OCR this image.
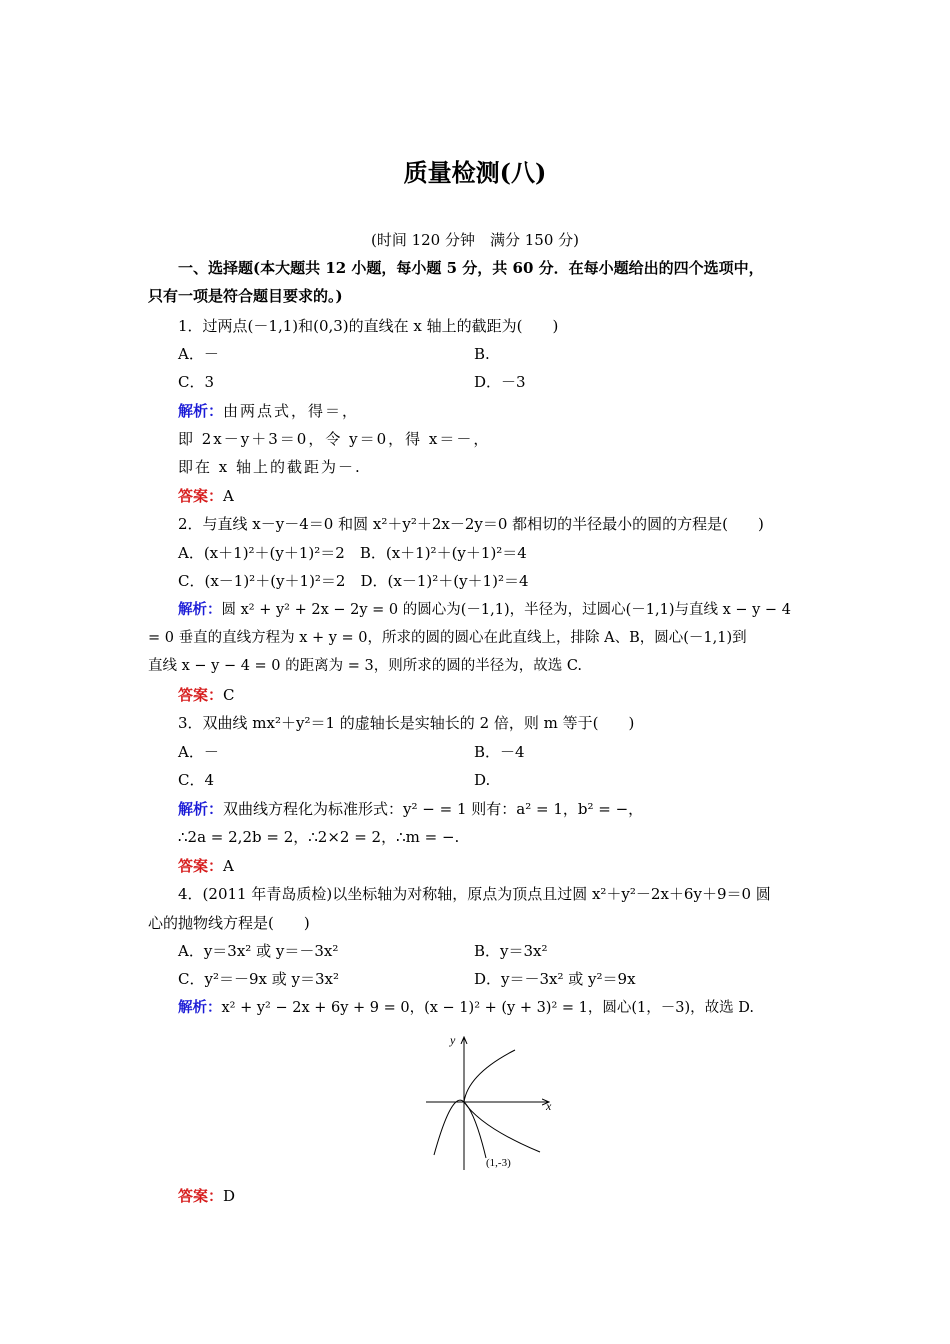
质量检测(八)
(时间 120 分钟　满分 150 分)
一、选择题(本大题共 12 小题，每小题 5 分，共 60 分．在每小题给出的四个选项中，
只有一项是符合题目要求的。)
1．过两点(－1,1)和(0,3)的直线在 x 轴上的截距为(　　)
A．－	B.
C．3	D．－3
解析：由两点式，得＝，
即 2x－y＋3＝0，令 y＝0，得 x＝－，
即在 x 轴上的截距为－.
答案：A
2．与直线 x－y－4＝0 和圆 x²＋y²＋2x－2y＝0 都相切的半径最小的圆的方程是(　　)
A．(x＋1)²＋(y＋1)²＝2　B．(x＋1)²＋(y＋1)²＝4
C．(x－1)²＋(y＋1)²＝2　D．(x－1)²＋(y＋1)²＝4
解析：圆 x² + y² + 2x − 2y = 0 的圆心为(－1,1)，半径为，过圆心(－1,1)与直线 x − y − 4
= 0 垂直的直线方程为 x + y = 0，所求的圆的圆心在此直线上，排除 A、B，圆心(－1,1)到
直线 x − y − 4 = 0 的距离为 = 3，则所求的圆的半径为，故选 C.
答案：C
3．双曲线 mx²＋y²＝1 的虚轴长是实轴长的 2 倍，则 m 等于(　　)
A．－	B．－4
C．4	D.
解析：双曲线方程化为标准形式：y² − = 1 则有：a² = 1，b² = −，
∴2a = 2,2b = 2，∴2×2 = 2，∴m = −.
答案：A
4．(2011 年青岛质检)以坐标轴为对称轴，原点为顶点且过圆 x²＋y²－2x＋6y＋9＝0 圆
心的抛物线方程是(　　)
A．y＝3x² 或 y＝－3x²	B．y＝3x²
C．y²＝－9x 或 y＝3x²	D．y＝－3x² 或 y²＝9x
解析：x² + y² − 2x + 6y + 9 = 0，(x − 1)² + (y + 3)² = 1，圆心(1，－3)，故选 D.
y
x
(1,-3)
答案：D
